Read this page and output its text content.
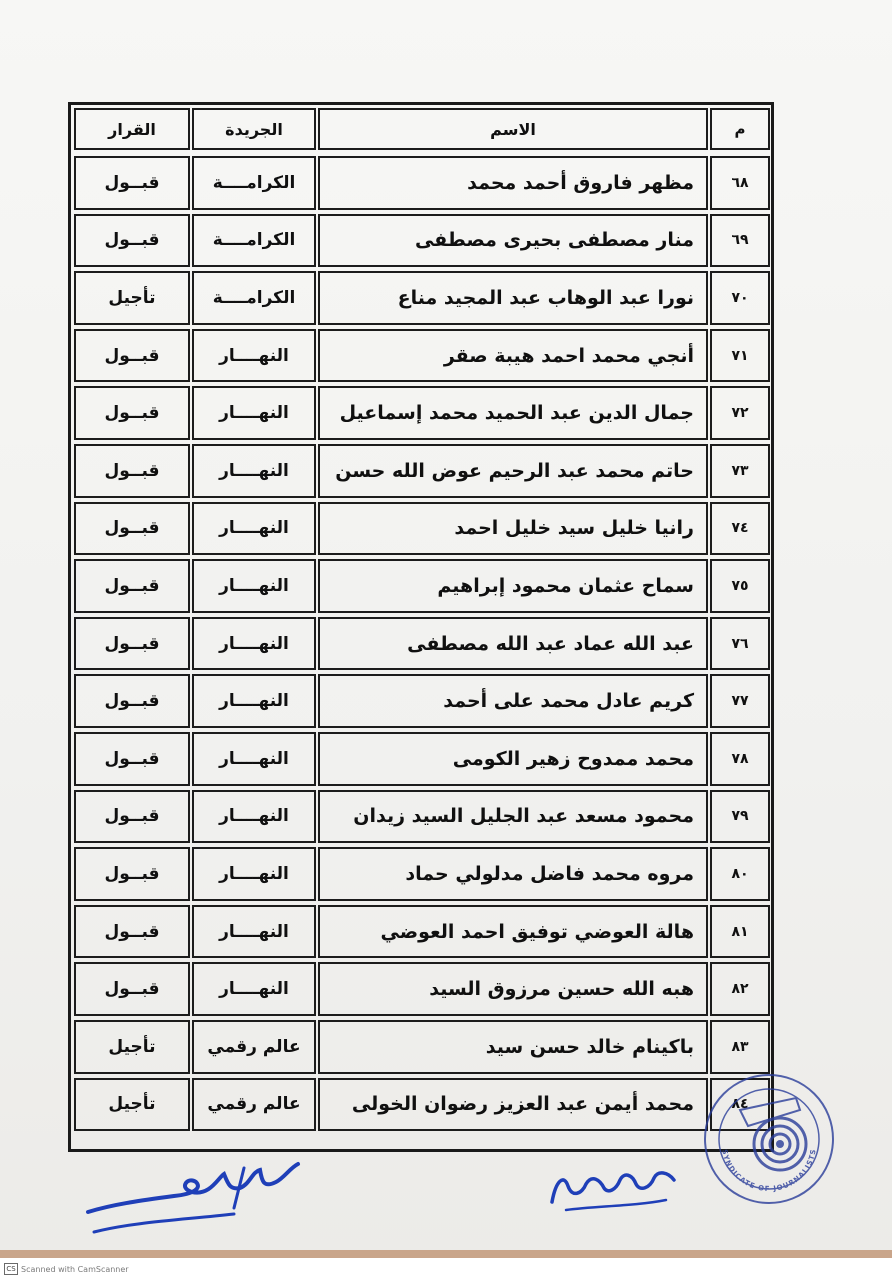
م
الاسم
الجريدة
القرار
٦٨
مظهر فاروق أحمد محمد
الكرامــــة
قبــول
٦٩
منار مصطفى بحيرى مصطفى
الكرامــــة
قبــول
٧٠
نورا عبد الوهاب عبد المجيد مناع
الكرامــــة
تأجيل
٧١
أنجي محمد احمد هيبة صقر
النهــــار
قبــول
٧٢
جمال الدين عبد الحميد محمد إسماعيل
النهــــار
قبــول
٧٣
حاتم محمد عبد الرحيم عوض الله حسن
النهــــار
قبــول
٧٤
رانيا خليل سيد خليل احمد
النهــــار
قبــول
٧٥
سماح عثمان محمود إبراهيم
النهــــار
قبــول
٧٦
عبد الله عماد عبد الله مصطفى
النهــــار
قبــول
٧٧
كريم عادل محمد على أحمد
النهــــار
قبــول
٧٨
محمد ممدوح زهير الكومى
النهــــار
قبــول
٧٩
محمود مسعد عبد الجليل السيد زيدان
النهــــار
قبــول
٨٠
مروه محمد فاضل مدلولي حماد
النهــــار
قبــول
٨١
هالة العوضي توفيق احمد العوضي
النهــــار
قبــول
٨٢
هبه الله حسين مرزوق السيد
النهــــار
قبــول
٨٣
باكينام خالد حسن سيد
عالم رقمي
تأجيل
٨٤
محمد أيمن عبد العزيز رضوان الخولى
عالم رقمي
تأجيل
SYNDICATE OF JOURNALISTS
CS Scanned with CamScanner
